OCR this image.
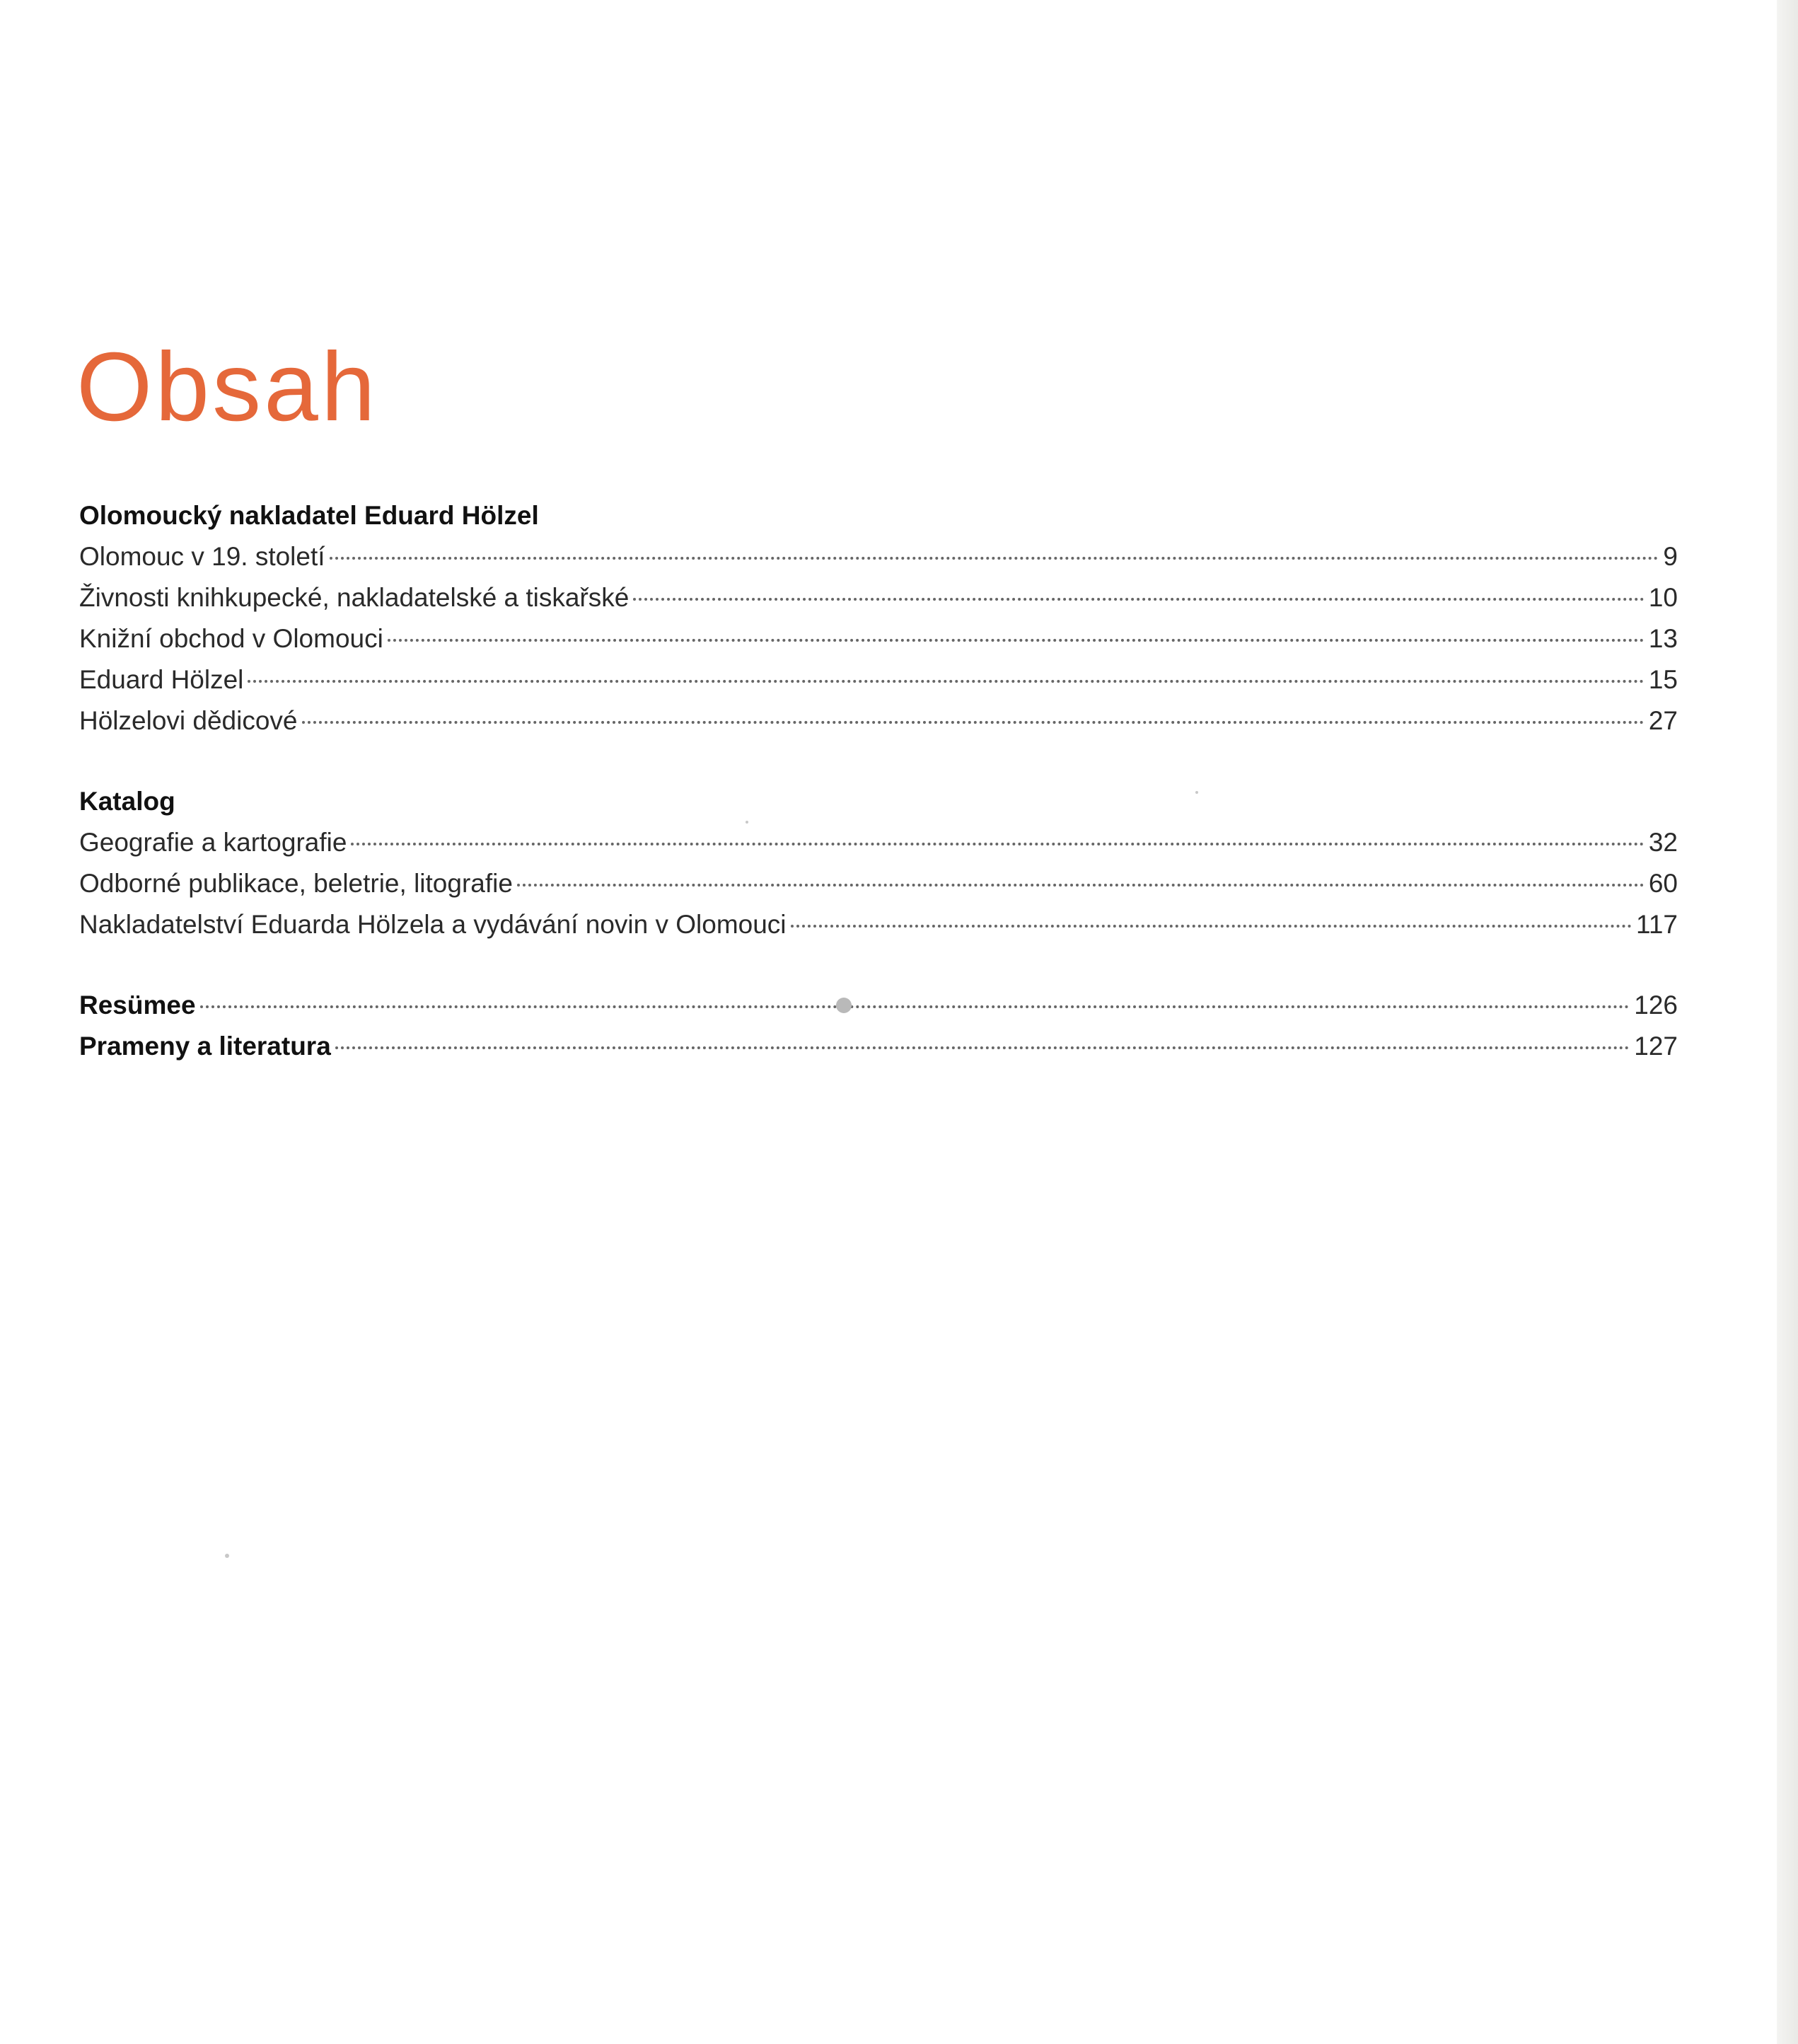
Obsah
Olomoucký nakladatel Eduard Hölzel
Olomouc v 19. století	9
Živnosti knihkupecké, nakladatelské a tiskařské	10
Knižní obchod v Olomouci	13
Eduard Hölzel	15
Hölzelovi dědicové	27
Katalog
Geografie a kartografie	32
Odborné publikace, beletrie, litografie	60
Nakladatelství Eduarda Hölzela a vydávání novin v Olomouci	117
Resümee	126
Prameny a literatura	127
